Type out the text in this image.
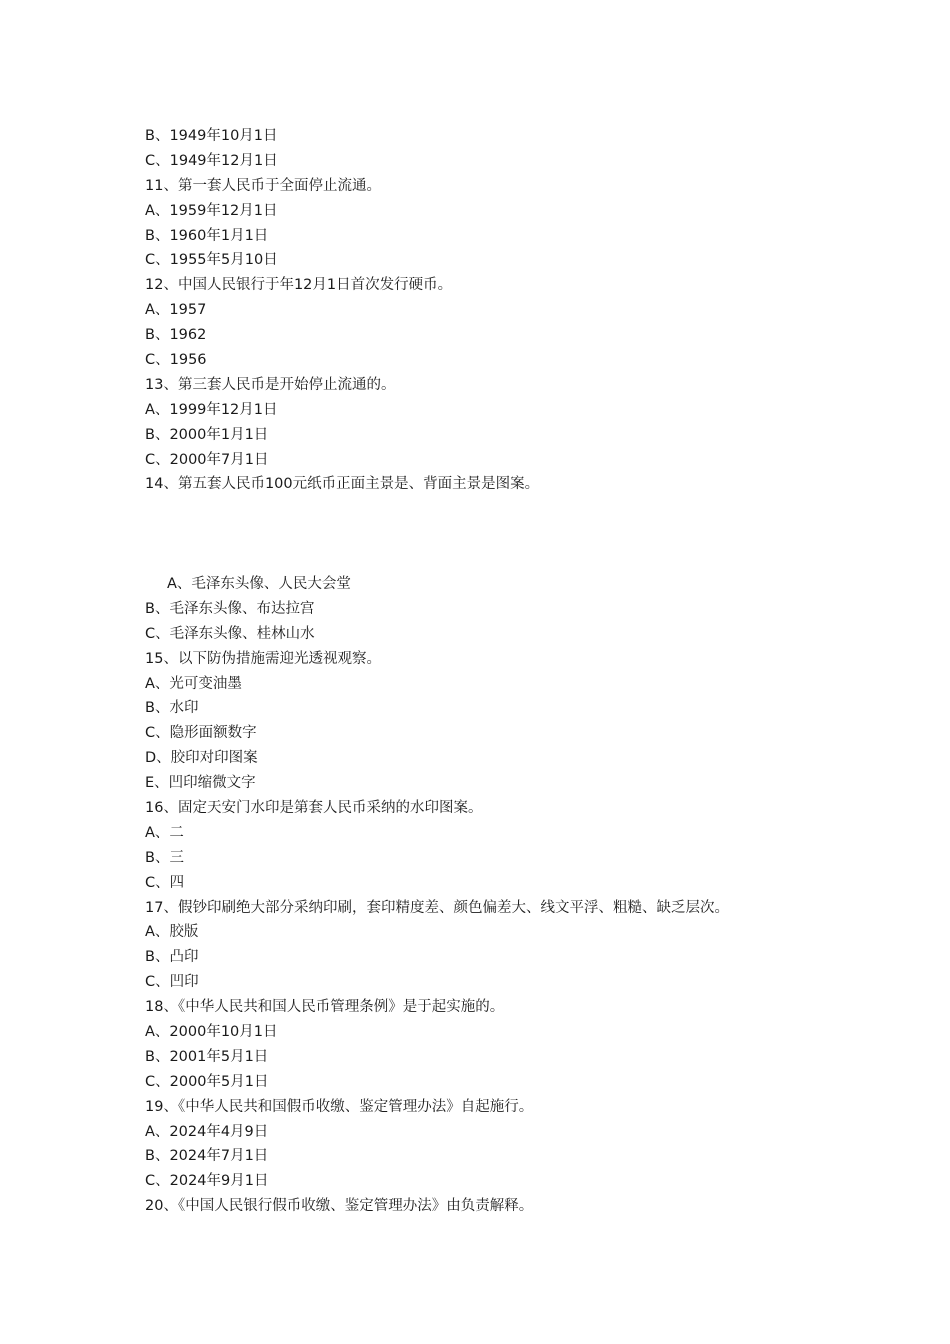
B、1949年10月1日
C、1949年12月1日
11、第一套人民币于全面停止流通。
A、1959年12月1日
B、1960年1月1日
C、1955年5月10日
12、中国人民银行于年12月1日首次发行硬币。
A、1957
B、1962
C、1956
13、第三套人民币是开始停止流通的。
A、1999年12月1日
B、2000年1月1日
C、2000年7月1日
14、第五套人民币100元纸币正面主景是、背面主景是图案。
A、毛泽东头像、人民大会堂
B、毛泽东头像、布达拉宫
C、毛泽东头像、桂林山水
15、以下防伪措施需迎光透视观察。
A、光可变油墨
B、水印
C、隐形面额数字
D、胶印对印图案
E、凹印缩微文字
16、固定天安门水印是第套人民币采纳的水印图案。
A、二
B、三
C、四
17、假钞印刷绝大部分采纳印刷，套印精度差、颜色偏差大、线文平浮、粗糙、缺乏层次。
A、胶版
B、凸印
C、凹印
18、《中华人民共和国人民币管理条例》是于起实施的。
A、2000年10月1日
B、2001年5月1日
C、2000年5月1日
19、《中华人民共和国假币收缴、鉴定管理办法》自起施行。
A、2024年4月9日
B、2024年7月1日
C、2024年9月1日
20、《中国人民银行假币收缴、鉴定管理办法》由负责解释。
